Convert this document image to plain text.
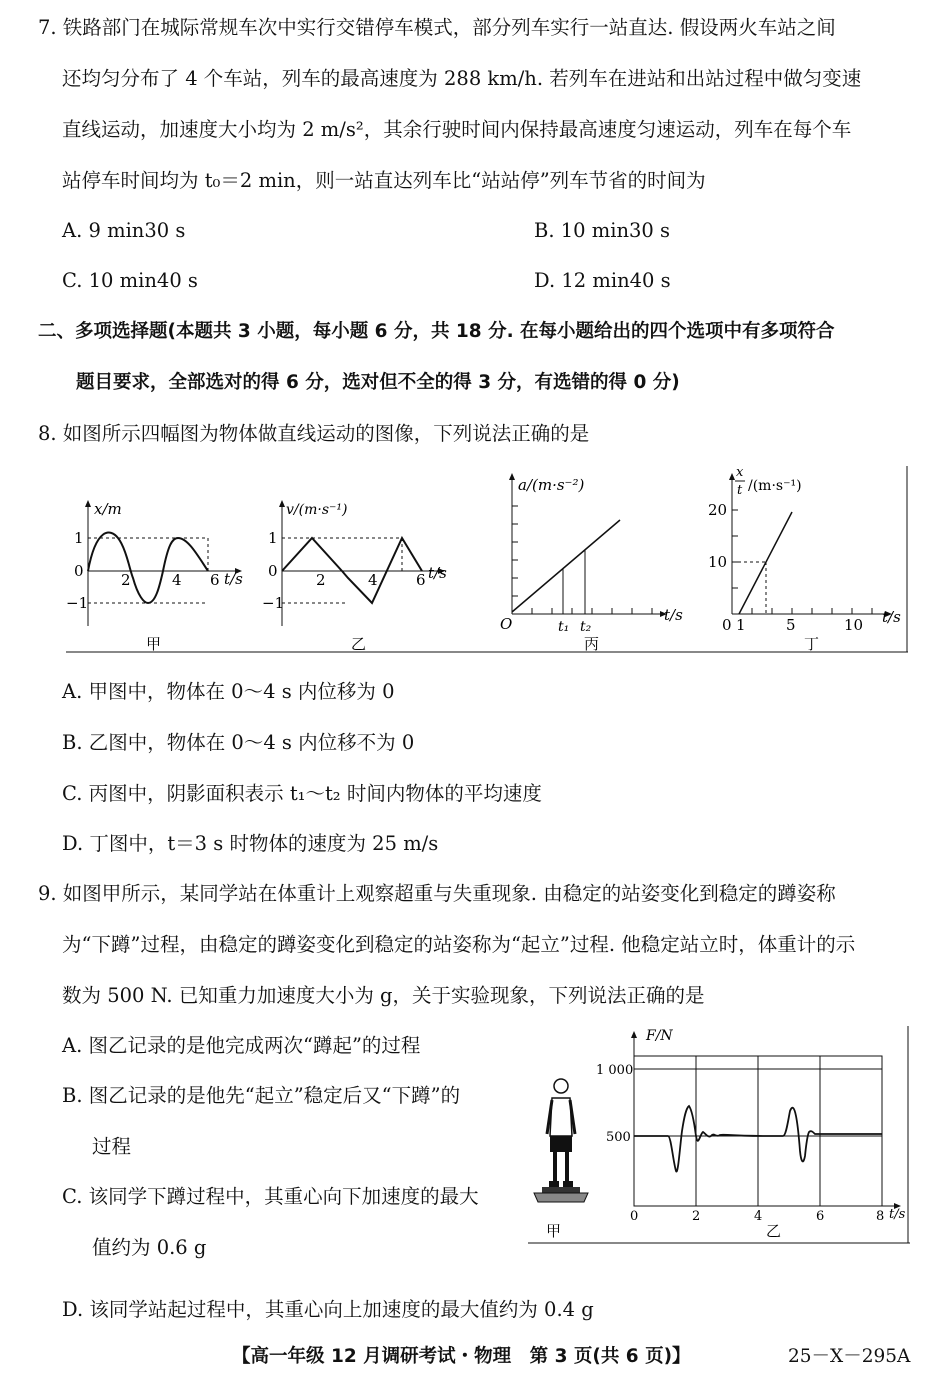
7. 铁路部门在城际常规车次中实行交错停车模式，部分列车实行一站直达. 假设两火车站之间
还均匀分布了 4 个车站，列车的最高速度为 288 km/h. 若列车在进站和出站过程中做匀变速
直线运动，加速度大小均为 2 m/s²，其余行驶时间内保持最高速度匀速运动，列车在每个车
站停车时间均为 t₀＝2 min，则一站直达列车比“站站停”列车节省的时间为
A. 9 min30 s	B. 10 min30 s
C. 10 min40 s	D. 12 min40 s
二、多项选择题(本题共 3 小题，每小题 6 分，共 18 分. 在每小题给出的四个选项中有多项符合
题目要求，全部选对的得 6 分，选对但不全的得 3 分，有选错的得 0 分)
8. 如图所示四幅图为物体做直线运动的图像，下列说法正确的是
x/m
1
0
−1
2	4 6 t/s
甲
v/(m·s⁻¹)
1
0
−1
2	4	6 t/s
乙
a/(m·s⁻²)
O	t₁ t₂
t/s
丙
x
t /(m·s⁻¹)
20
10
0 1	5	10 t/s
丁
A. 甲图中，物体在 0～4 s 内位移为 0
B. 乙图中，物体在 0～4 s 内位移不为 0
C. 丙图中，阴影面积表示 t₁～t₂ 时间内物体的平均速度
D. 丁图中，t＝3 s 时物体的速度为 25 m/s
9. 如图甲所示，某同学站在体重计上观察超重与失重现象. 由稳定的站姿变化到稳定的蹲姿称
为“下蹲”过程，由稳定的蹲姿变化到稳定的站姿称为“起立”过程. 他稳定站立时，体重计的示
数为 500 N. 已知重力加速度大小为 g，关于实验现象，下列说法正确的是
A. 图乙记录的是他完成两次“蹲起”的过程
B. 图乙记录的是他先“起立”稳定后又“下蹲”的
过程
C. 该同学下蹲过程中，其重心向下加速度的最大
值约为 0.6 g
D. 该同学站起过程中，其重心向上加速度的最大值约为 0.4 g
甲
F/N
1 000
500
0	2	4	6	8 t/s
乙
【高一年级 12 月调研考试・物理　第 3 页(共 6 页)】	25－X－295A
